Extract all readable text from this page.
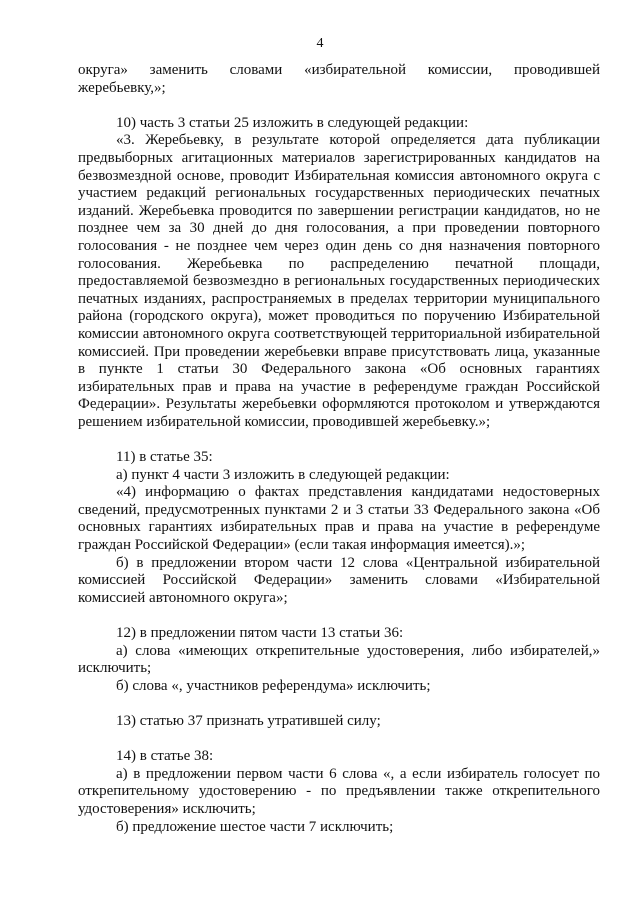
4

округа» заменить словами «избирательной комиссии, проводившей жеребьевку,»;

10) часть 3 статьи 25 изложить в следующей редакции:

«3. Жеребьевку, в результате которой определяется дата публикации предвыборных агитационных материалов зарегистрированных кандидатов на безвозмездной основе, проводит Избирательная комиссия автономного округа с участием редакций региональных государственных периодических печатных изданий. Жеребьевка проводится по завершении регистрации кандидатов, но не позднее чем за 30 дней до дня голосования, а при проведении повторного голосования - не позднее чем через один день со дня назначения повторного голосования. Жеребьевка по распределению печатной площади, предоставляемой безвозмездно в региональных государственных периодических печатных изданиях, распространяемых в пределах территории муниципального района (городского округа), может проводиться по поручению Избирательной комиссии автономного округа соответствующей территориальной избирательной комиссией. При проведении жеребьевки вправе присутствовать лица, указанные в пункте 1 статьи 30 Федерального закона «Об основных гарантиях избирательных прав и права на участие в референдуме граждан Российской Федерации». Результаты жеребьевки оформляются протоколом и утверждаются решением избирательной комиссии, проводившей жеребьевку.»;

11) в статье 35:

а) пункт 4 части 3 изложить в следующей редакции:

«4) информацию о фактах представления кандидатами недостоверных сведений, предусмотренных пунктами 2 и 3 статьи 33 Федерального закона «Об основных гарантиях избирательных прав и права на участие в референдуме граждан Российской Федерации» (если такая информация имеется).»;

б) в предложении втором части 12 слова «Центральной избирательной комиссией Российской Федерации» заменить словами «Избирательной комиссией автономного округа»;

12) в предложении пятом части 13 статьи 36:

а) слова «имеющих открепительные удостоверения, либо избирателей,» исключить;

б) слова «, участников референдума» исключить;

13) статью 37 признать утратившей силу;

14) в статье 38:

а) в предложении первом части 6 слова «, а если избиратель голосует по открепительному удостоверению - по предъявлении также открепительного удостоверения» исключить;

б) предложение шестое части 7 исключить;
